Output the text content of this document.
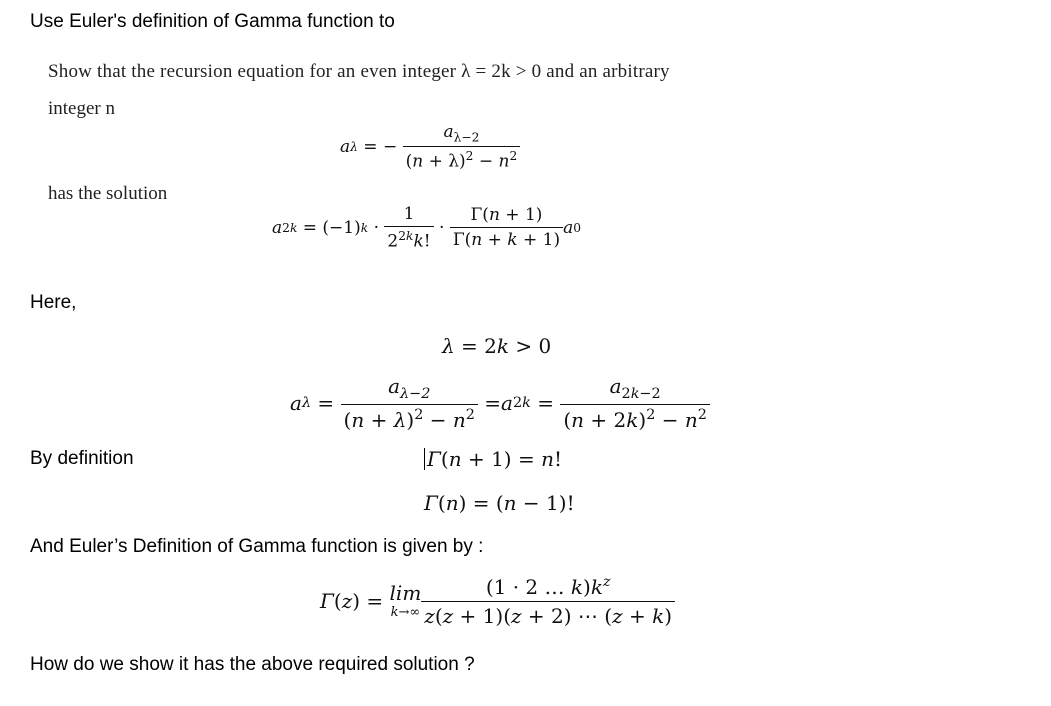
Use Euler's definition of Gamma function to
Show that the recursion equation for an even integer λ = 2k > 0 and an arbitrary
integer n
a λ = − $\frac{a_{\lambda-2}}{(n + \lambda)^2 - n^2}$
has the solution
a 2k = (−1) $k \cdot \frac{1}{2^{2k}k!} \cdot \frac{\Gamma(n + 1)}{\Gamma(n + k + 1)}$ a 0
Here,
λ = 2k > 0
a $\lambda = \frac{a_{\lambda-2}}{(n + \lambda)^2 - n^2} = a$ $2k = \frac{a_{2k-2}}{(n + 2k)^2 - n^2}$
By definition	Γ(n + 1) = n!
Γ(n) = (n − 1)!
And Euler’s Definition of Gamma function is given by :
Γ ( z ) = lim
$k\to\infty \frac{(1 \cdot 2 \dots k)k^z}{z(z + 1)(z + 2) \cdots (z + k)}$
How do we show it has the above required solution ?
